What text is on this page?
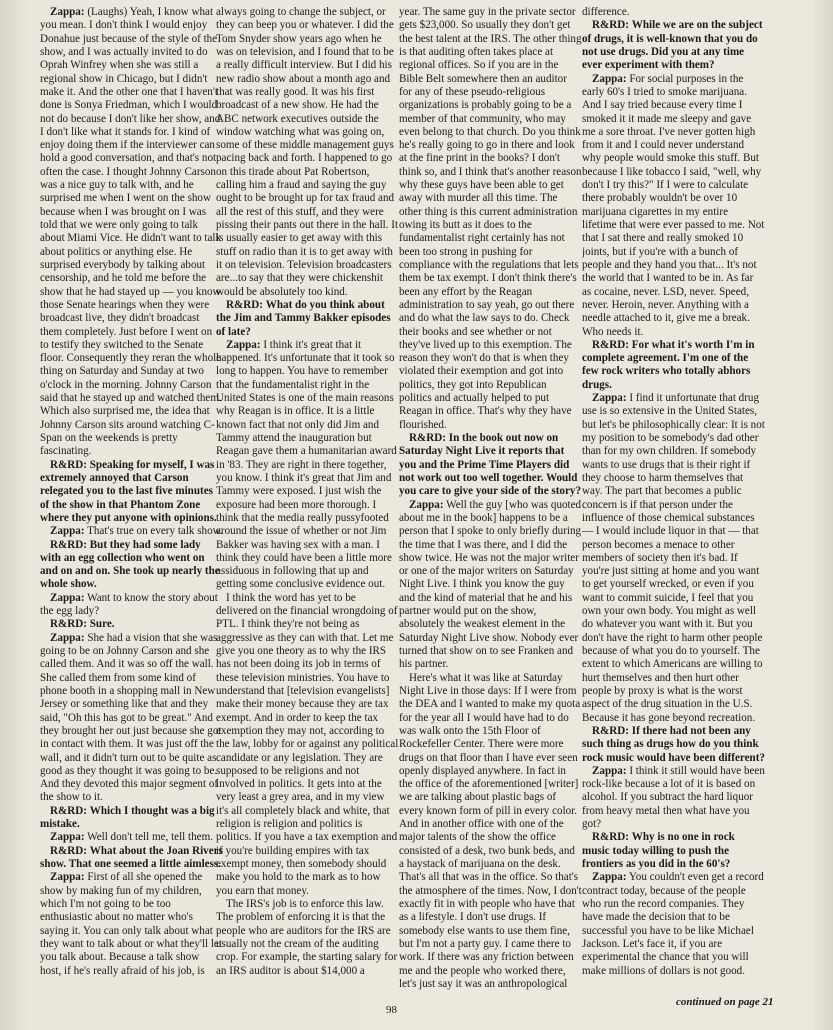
Zappa: (Laughs) Yeah, I know what you mean. I don't think I would enjoy Donahue just because of the style of the show, and I was actually invited to do Oprah Winfrey when she was still a regional show in Chicago, but I didn't make it. And the other one that I haven't done is Sonya Friedman, which I would not do because I don't like her show, and I don't like what it stands for. I kind of enjoy doing them if the interviewer can hold a good conversation, and that's not often the case. I thought Johnny Carson was a nice guy to talk with, and he surprised me when I went on the show because when I was brought on I was told that we were only going to talk about Miami Vice. He didn't want to talk about politics or anything else. He surprised everybody by talking about censorship, and he told me before the show that he had stayed up — you know those Senate hearings when they were broadcast live, they didn't broadcast them completely. Just before I went on to testify they switched to the Senate floor. Consequently they reran the whole thing on Saturday and Sunday at two o'clock in the morning. Johnny Carson said that he stayed up and watched them. Which also surprised me, the idea that Johnny Carson sits around watching C-Span on the weekends is pretty fascinating.

R&RD: Speaking for myself, I was extremely annoyed that Carson relegated you to the last five minutes of the show in that Phantom Zone where they put anyone with opinions.

Zappa: That's true on every talk show.

R&RD: But they had some lady with an egg collection who went on and on and on. She took up nearly the whole show.

Zappa: Want to know the story about the egg lady?

R&RD: Sure.

Zappa: She had a vision that she was going to be on Johnny Carson and she called them. And it was so off the wall. She called them from some kind of phone booth in a shopping mall in New Jersey or something like that and they said, "Oh this has got to be great." And they brought her out just because she got in contact with them. It was just off the wall, and it didn't turn out to be quite as good as they thought it was going to be. And they devoted this major segment of the show to it.

R&RD: Which I thought was a big mistake.

Zappa: Well don't tell me, tell them.

R&RD: What about the Joan Rivers show. That one seemed a little aimless.

Zappa: First of all she opened the show by making fun of my children, which I'm not going to be too enthusiastic about no matter who's saying it. You can only talk about what they want to talk about or what they'll let you talk about. Because a talk show host, if he's really afraid of his job, is

always going to change the subject, or they can beep you or whatever. I did the Tom Snyder show years ago when he was on television, and I found that to be a really difficult interview. But I did his new radio show about a month ago and that was really good. It was his first broadcast of a new show. He had the ABC network executives outside the window watching what was going on, some of these middle management guys pacing back and forth. I happened to go on this tirade about Pat Robertson, calling him a fraud and saying the guy ought to be brought up for tax fraud and all the rest of this stuff, and they were pissing their pants out there in the hall. It is usually easier to get away with this stuff on radio than it is to get away with it on television. Television broadcasters are...to say that they were chickenshit would be absolutely too kind.

R&RD: What do you think about the Jim and Tammy Bakker episodes of late?

Zappa: I think it's great that it happened. It's unfortunate that it took so long to happen. You have to remember that the fundamentalist right in the United States is one of the main reasons why Reagan is in office. It is a little known fact that not only did Jim and Tammy attend the inauguration but Reagan gave them a humanitarian award in '83. They are right in there together, you know. I think it's great that Jim and Tammy were exposed. I just wish the exposure had been more thorough. I think that the media really pussyfooted around the issue of whether or not Jim Bakker was having sex with a man. I think they could have been a little more assiduous in following that up and getting some conclusive evidence out.

I think the word has yet to be delivered on the financial wrongdoing of PTL. I think they're not being as aggressive as they can with that. Let me give you one theory as to why the IRS has not been doing its job in terms of these television ministries. You have to understand that [television evangelists] make their money because they are tax exempt. And in order to keep the tax exemption they may not, according to the law, lobby for or against any political candidate or any legislation. They are supposed to be religions and not involved in politics. It gets into at the very least a grey area, and in my view it's all completely black and white, that religion is religion and politics is politics. If you have a tax exemption and if you're building empires with tax exempt money, then somebody should make you hold to the mark as to how you earn that money.

The IRS's job is to enforce this law. The problem of enforcing it is that the people who are auditors for the IRS are usually not the cream of the auditing crop. For example, the starting salary for an IRS auditor is about $14,000 a

year. The same guy in the private sector gets $23,000. So usually they don't get the best talent at the IRS. The other thing is that auditing often takes place at regional offices. So if you are in the Bible Belt somewhere then an auditor for any of these pseudo-religious organizations is probably going to be a member of that community, who may even belong to that church. Do you think he's really going to go in there and look at the fine print in the books? I don't think so, and I think that's another reason why these guys have been able to get away with murder all this time. The other thing is this current administration owing its butt as it does to the fundamentalist right certainly has not been too strong in pushing for compliance with the regulations that lets them be tax exempt. I don't think there's been any effort by the Reagan administration to say yeah, go out there and do what the law says to do. Check their books and see whether or not they've lived up to this exemption. The reason they won't do that is when they violated their exemption and got into politics, they got into Republican politics and actually helped to put Reagan in office. That's why they have flourished.

R&RD: In the book out now on Saturday Night Live it reports that you and the Prime Time Players did not work out too well together. Would you care to give your side of the story?

Zappa: Well the guy [who was quoted about me in the book] happens to be a person that I spoke to only briefly during the time that I was there, and I did the show twice. He was not the major writer or one of the major writers on Saturday Night Live. I think you know the guy and the kind of material that he and his partner would put on the show, absolutely the weakest element in the Saturday Night Live show. Nobody ever turned that show on to see Franken and his partner.

Here's what it was like at Saturday Night Live in those days: If I were from the DEA and I wanted to make my quota for the year all I would have had to do was walk onto the 15th Floor of Rockefeller Center. There were more drugs on that floor than I have ever seen openly displayed anywhere. In fact in the office of the aforementioned [writer] we are talking about plastic bags of every known form of pill in every color. And in another office with one of the major talents of the show the office consisted of a desk, two bunk beds, and a haystack of marijuana on the desk. That's all that was in the office. So that's the atmosphere of the times. Now, I don't exactly fit in with people who have that as a lifestyle. I don't use drugs. If somebody else wants to use them fine, but I'm not a party guy. I came there to work. If there was any friction between me and the people who worked there, let's just say it was an anthropological

difference.

R&RD: While we are on the subject of drugs, it is well-known that you do not use drugs. Did you at any time ever experiment with them?

Zappa: For social purposes in the early 60's I tried to smoke marijuana. And I say tried because every time I smoked it it made me sleepy and gave me a sore throat. I've never gotten high from it and I could never understand why people would smoke this stuff. But because I like tobacco I said, "well, why don't I try this?" If I were to calculate there probably wouldn't be over 10 marijuana cigarettes in my entire lifetime that were ever passed to me. Not that I sat there and really smoked 10 joints, but if you're with a bunch of people and they hand you that... It's not the world that I wanted to be in. As far as cocaine, never. LSD, never. Speed, never. Heroin, never. Anything with a needle attached to it, give me a break. Who needs it.

R&RD: For what it's worth I'm in complete agreement. I'm one of the few rock writers who totally abhors drugs.

Zappa: I find it unfortunate that drug use is so extensive in the United States, but let's be philosophically clear: It is not my position to be somebody's dad other than for my own children. If somebody wants to use drugs that is their right if they choose to harm themselves that way. The part that becomes a public concern is if that person under the influence of those chemical substances — I would include liquor in that — that person becomes a menace to other members of society then it's bad. If you're just sitting at home and you want to get yourself wrecked, or even if you want to commit suicide, I feel that you own your own body. You might as well do whatever you want with it. But you don't have the right to harm other people because of what you do to yourself. The extent to which Americans are willing to hurt themselves and then hurt other people by proxy is what is the worst aspect of the drug situation in the U.S. Because it has gone beyond recreation.

R&RD: If there had not been any such thing as drugs how do you think rock music would have been different?

Zappa: I think it still would have been rock-like because a lot of it is based on alcohol. If you subtract the hard liquor from heavy metal then what have you got?

R&RD: Why is no one in rock music today willing to push the frontiers as you did in the 60's?

Zappa: You couldn't even get a record contract today, because of the people who run the record companies. They have made the decision that to be successful you have to be like Michael Jackson. Let's face it, if you are experimental the chance that you will make millions of dollars is not good.

98
continued on page 21
